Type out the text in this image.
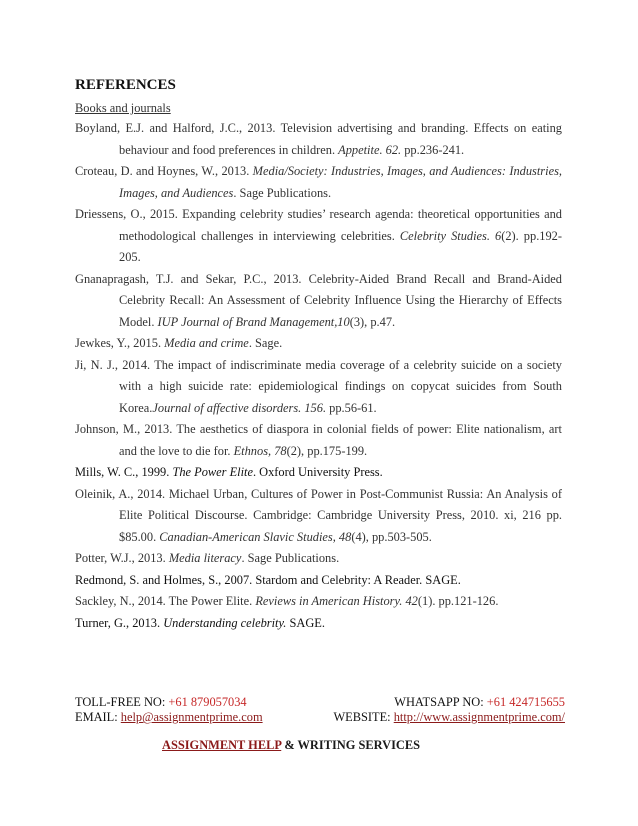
REFERENCES
Books and journals
Boyland, E.J. and Halford, J.C., 2013. Television advertising and branding. Effects on eating behaviour and food preferences in children. Appetite. 62. pp.236-241.
Croteau, D. and Hoynes, W., 2013. Media/Society: Industries, Images, and Audiences: Industries, Images, and Audiences. Sage Publications.
Driessens, O., 2015. Expanding celebrity studies’ research agenda: theoretical opportunities and methodological challenges in interviewing celebrities. Celebrity Studies. 6(2). pp.192-205.
Gnanapragash, T.J. and Sekar, P.C., 2013. Celebrity-Aided Brand Recall and Brand-Aided Celebrity Recall: An Assessment of Celebrity Influence Using the Hierarchy of Effects Model. IUP Journal of Brand Management,10(3), p.47.
Jewkes, Y., 2015. Media and crime. Sage.
Ji, N. J., 2014. The impact of indiscriminate media coverage of a celebrity suicide on a society with a high suicide rate: epidemiological findings on copycat suicides from South Korea.Journal of affective disorders. 156. pp.56-61.
Johnson, M., 2013. The aesthetics of diaspora in colonial fields of power: Elite nationalism, art and the love to die for. Ethnos, 78(2), pp.175-199.
Mills, W. C., 1999. The Power Elite. Oxford University Press.
Oleinik, A., 2014. Michael Urban, Cultures of Power in Post-Communist Russia: An Analysis of Elite Political Discourse. Cambridge: Cambridge University Press, 2010. xi, 216 pp. $85.00. Canadian-American Slavic Studies, 48(4), pp.503-505.
Potter, W.J., 2013. Media literacy. Sage Publications.
Redmond, S. and Holmes, S., 2007. Stardom and Celebrity: A Reader. SAGE.
Sackley, N., 2014. The Power Elite. Reviews in American History. 42(1). pp.121-126.
Turner, G., 2013. Understanding celebrity. SAGE.
TOLL-FREE NO: +61 879057034	WHATSAPP NO: +61 424715655
EMAIL: help@assignmentprime.com	WEBSITE: http://www.assignmentprime.com/
ASSIGNMENT HELP & WRITING SERVICES
